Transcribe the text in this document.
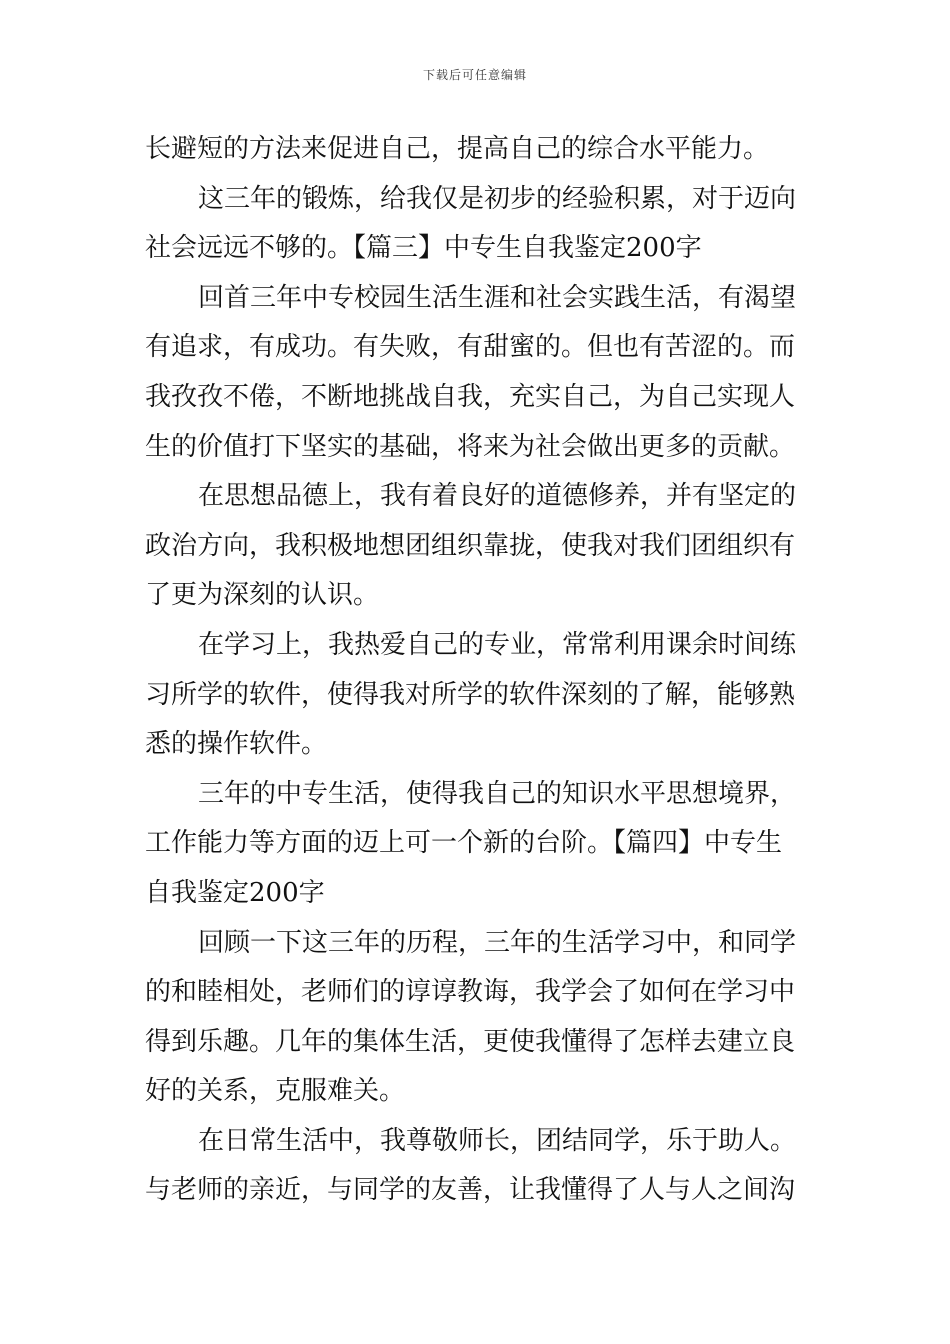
下载后可任意编辑

长避短的方法来促进自己，提高自己的综合水平能力。

这三年的锻炼，给我仅是初步的经验积累，对于迈向

社会远远不够的。【篇三】中专生自我鉴定200字

回首三年中专校园生活生涯和社会实践生活，有渴望

有追求，有成功。有失败，有甜蜜的。但也有苦涩的。而

我孜孜不倦，不断地挑战自我，充实自己，为自己实现人

生的价值打下坚实的基础，将来为社会做出更多的贡献。

在思想品德上，我有着良好的道德修养，并有坚定的

政治方向，我积极地想团组织靠拢，使我对我们团组织有

了更为深刻的认识。

在学习上，我热爱自己的专业，常常利用课余时间练

习所学的软件，使得我对所学的软件深刻的了解，能够熟

悉的操作软件。

三年的中专生活，使得我自己的知识水平思想境界，

工作能力等方面的迈上可一个新的台阶。【篇四】中专生

自我鉴定200字

回顾一下这三年的历程，三年的生活学习中，和同学

的和睦相处，老师们的谆谆教诲，我学会了如何在学习中

得到乐趣。几年的集体生活，更使我懂得了怎样去建立良

好的关系，克服难关。

在日常生活中，我尊敬师长，团结同学，乐于助人。

与老师的亲近，与同学的友善，让我懂得了人与人之间沟
